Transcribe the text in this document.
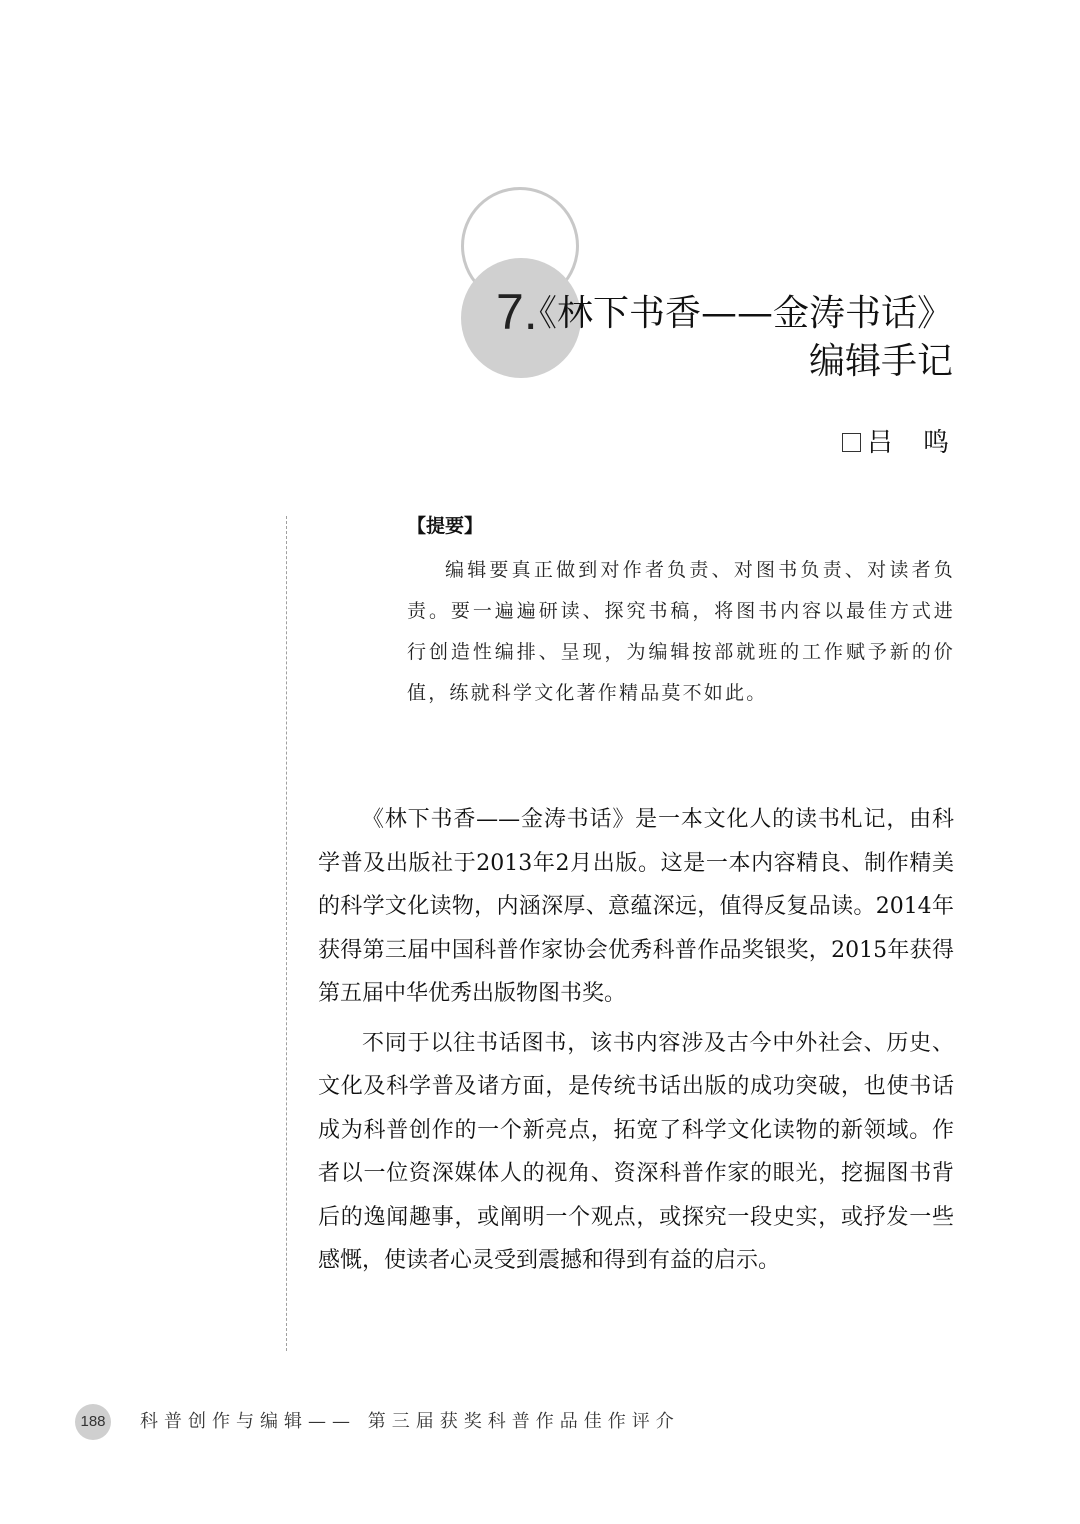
7.
《林下书香——金涛书话》
编辑手记
吕　鸣
【提要】
编辑要真正做到对作者负责、对图书负责、对读者负责。要一遍遍研读、探究书稿，将图书内容以最佳方式进行创造性编排、呈现，为编辑按部就班的工作赋予新的价值，练就科学文化著作精品莫不如此。

《林下书香——金涛书话》是一本文化人的读书札记，由科学普及出版社于2013年2月出版。这是一本内容精良、制作精美的科学文化读物，内涵深厚、意蕴深远，值得反复品读。2014年获得第三届中国科普作家协会优秀科普作品奖银奖，2015年获得第五届中华优秀出版物图书奖。

不同于以往书话图书，该书内容涉及古今中外社会、历史、文化及科学普及诸方面，是传统书话出版的成功突破，也使书话成为科普创作的一个新亮点，拓宽了科学文化读物的新领域。作者以一位资深媒体人的视角、资深科普作家的眼光，挖掘图书背后的逸闻趣事，或阐明一个观点，或探究一段史实，或抒发一些感慨，使读者心灵受到震撼和得到有益的启示。

188	科普创作与编辑—— 第三届获奖科普作品佳作评介
